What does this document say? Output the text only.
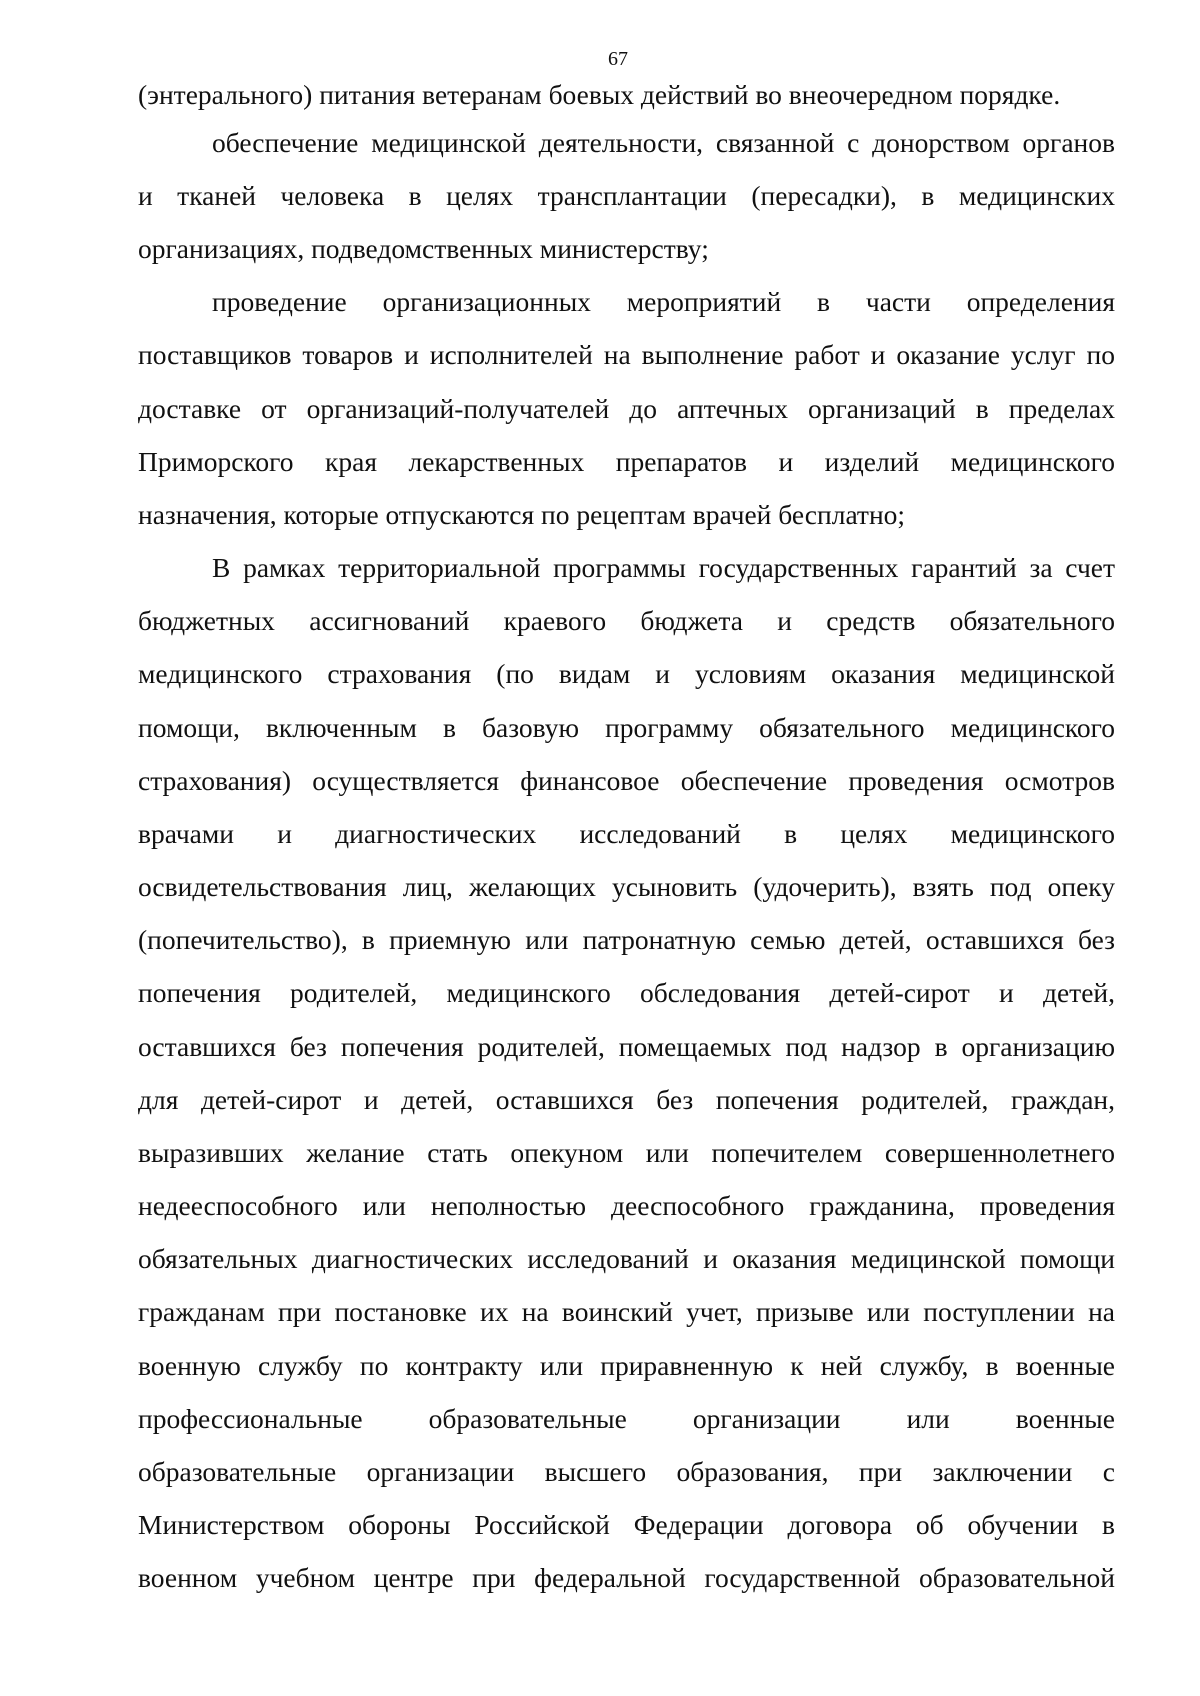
67
(энтерального) питания ветеранам боевых действий во внеочередном порядке.
обеспечение медицинской деятельности, связанной с донорством органов
и тканей человека в целях трансплантации (пересадки), в медицинских
организациях, подведомственных министерству;
проведение организационных мероприятий в части определения
поставщиков товаров и исполнителей на выполнение работ и оказание услуг по
доставке от организаций-получателей до аптечных организаций в пределах
Приморского края лекарственных препаратов и изделий медицинского
назначения, которые отпускаются по рецептам врачей бесплатно;
В рамках территориальной программы государственных гарантий за счет
бюджетных ассигнований краевого бюджета и средств обязательного
медицинского страхования (по видам и условиям оказания медицинской
помощи, включенным в базовую программу обязательного медицинского
страхования) осуществляется финансовое обеспечение проведения осмотров
врачами и диагностических исследований в целях медицинского
освидетельствования лиц, желающих усыновить (удочерить), взять под опеку
(попечительство), в приемную или патронатную семью детей, оставшихся без
попечения родителей, медицинского обследования детей-сирот и детей,
оставшихся без попечения родителей, помещаемых под надзор в организацию
для детей-сирот и детей, оставшихся без попечения родителей, граждан,
выразивших желание стать опекуном или попечителем совершеннолетнего
недееспособного или неполностью дееспособного гражданина, проведения
обязательных диагностических исследований и оказания медицинской помощи
гражданам при постановке их на воинский учет, призыве или поступлении на
военную службу по контракту или приравненную к ней службу, в военные
профессиональные образовательные организации или военные
образовательные организации высшего образования, при заключении с
Министерством обороны Российской Федерации договора об обучении в
военном учебном центре при федеральной государственной образовательной
